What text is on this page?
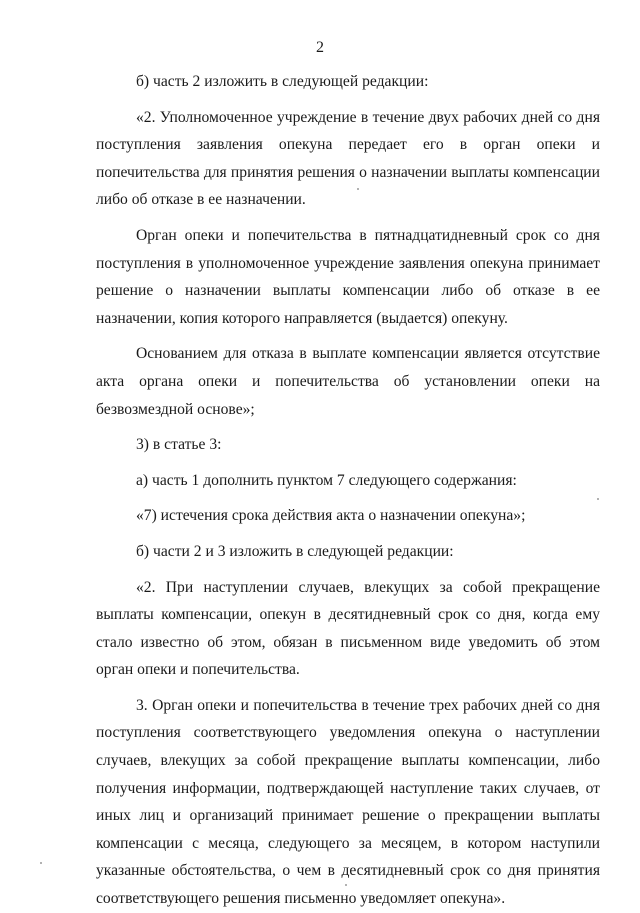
2

б) часть 2 изложить в следующей редакции:

«2. Уполномоченное учреждение в течение двух рабочих дней со дня поступления заявления опекуна передает его в орган опеки и попечительства для принятия решения о назначении выплаты компенсации либо об отказе в ее назначении.

Орган опеки и попечительства в пятнадцатидневный срок со дня поступления в уполномоченное учреждение заявления опекуна принимает решение о назначении выплаты компенсации либо об отказе в ее назначении, копия которого направляется (выдается) опекуну.

Основанием для отказа в выплате компенсации является отсутствие акта органа опеки и попечительства об установлении опеки на безвозмездной основе»;

3) в статье 3:

а) часть 1 дополнить пунктом 7 следующего содержания:

«7) истечения срока действия акта о назначении опекуна»;

б) части 2 и 3 изложить в следующей редакции:

«2. При наступлении случаев, влекущих за собой прекращение выплаты компенсации, опекун в десятидневный срок со дня, когда ему стало известно об этом, обязан в письменном виде уведомить об этом орган опеки и попечительства.

3. Орган опеки и попечительства в течение трех рабочих дней со дня поступления соответствующего уведомления опекуна о наступлении случаев, влекущих за собой прекращение выплаты компенсации, либо получения информации, подтверждающей наступление таких случаев, от иных лиц и организаций принимает решение о прекращении выплаты компенсации с месяца, следующего за месяцем, в котором наступили указанные обстоятельства, о чем в десятидневный срок со дня принятия соответствующего решения письменно уведомляет опекуна».
